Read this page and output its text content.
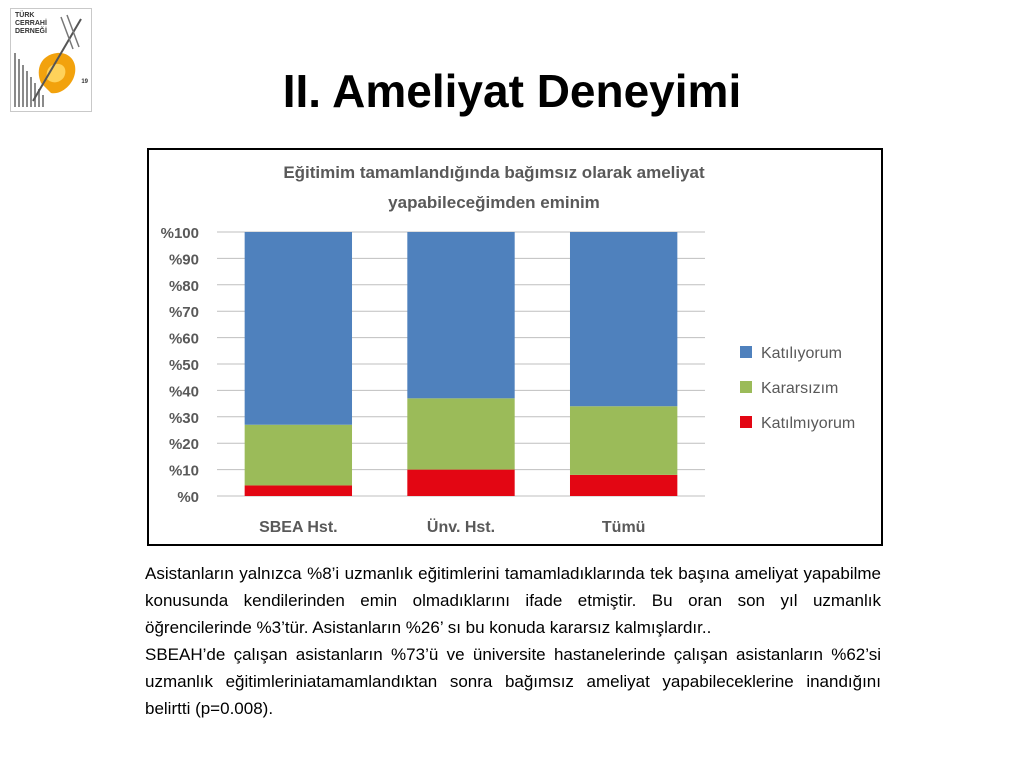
TÜRK
CERRAHİ
DERNEĞİ
19	II. Ameliyat Deneyimi
Eğitimim tamamlandığında bağımsız olarak ameliyat
yapabileceğimden eminim
%0
%10
%20
%30
%40
%50
%60
%70
%80
%90
%100
SBEA Hst.	Ünv. Hst.	Tümü
Katılıyorum
Kararsızım
Katılmıyorum

Asistanların yalnızca %8’i uzmanlık eğitimlerini tamamladıklarında tek başına ameliyat yapabilme konusunda kendilerinden emin olmadıklarını ifade etmiştir. Bu oran son yıl uzmanlık öğrencilerinde %3’tür. Asistanların %26’ sı bu konuda kararsız kalmışlardır..

SBEAH’de çalışan asistanların %73’ü ve üniversite hastanelerinde çalışan asistanların %62’si uzmanlık eğitimleriniatamamlandıktan sonra bağımsız ameliyat yapabileceklerine inandığını belirtti (p=0.008).
